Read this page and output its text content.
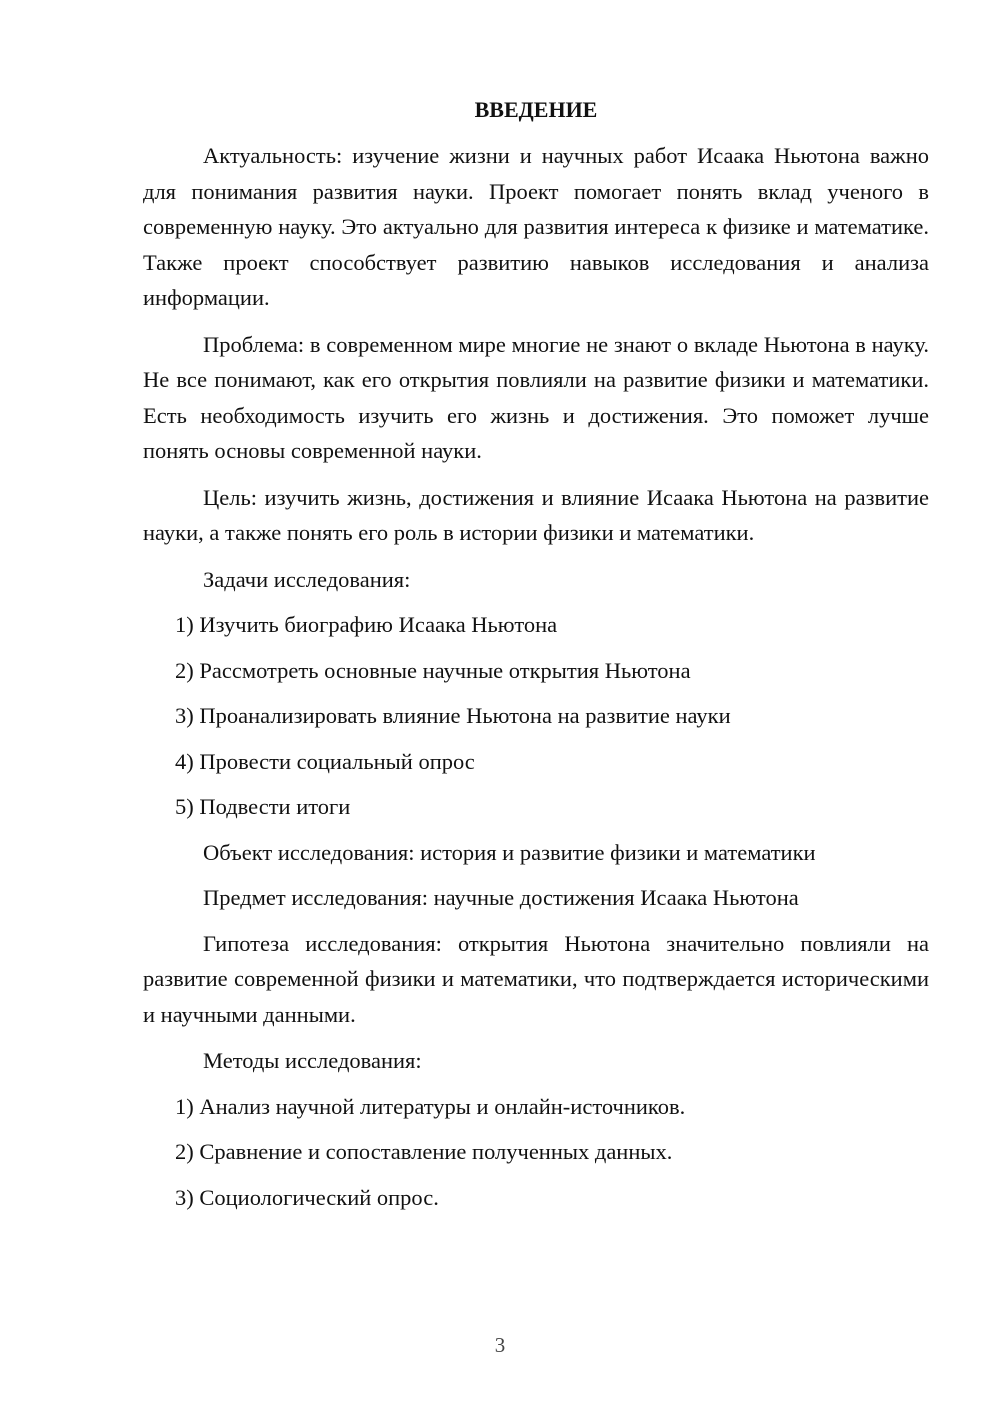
ВВЕДЕНИЕ

Актуальность: изучение жизни и научных работ Исаака Ньютона важно для понимания развития науки. Проект помогает понять вклад ученого в современную науку. Это актуально для развития интереса к физике и математике. Также проект способствует развитию навыков исследования и анализа информации.

Проблема: в современном мире многие не знают о вкладе Ньютона в науку. Не все понимают, как его открытия повлияли на развитие физики и математики. Есть необходимость изучить его жизнь и достижения. Это поможет лучше понять основы современной науки.

Цель: изучить жизнь, достижения и влияние Исаака Ньютона на развитие науки, а также понять его роль в истории физики и математики.

Задачи исследования:
1) Изучить биографию Исаака Ньютона
2) Рассмотреть основные научные открытия Ньютона
3) Проанализировать влияние Ньютона на развитие науки
4) Провести социальный опрос
5) Подвести итоги
Объект исследования: история и развитие физики и математики
Предмет исследования: научные достижения Исаака Ньютона

Гипотеза исследования: открытия Ньютона значительно повлияли на развитие современной физики и математики, что подтверждается историческими и научными данными.

Методы исследования:
1) Анализ научной литературы и онлайн-источников.
2) Сравнение и сопоставление полученных данных.
3) Социологический опрос.
3
